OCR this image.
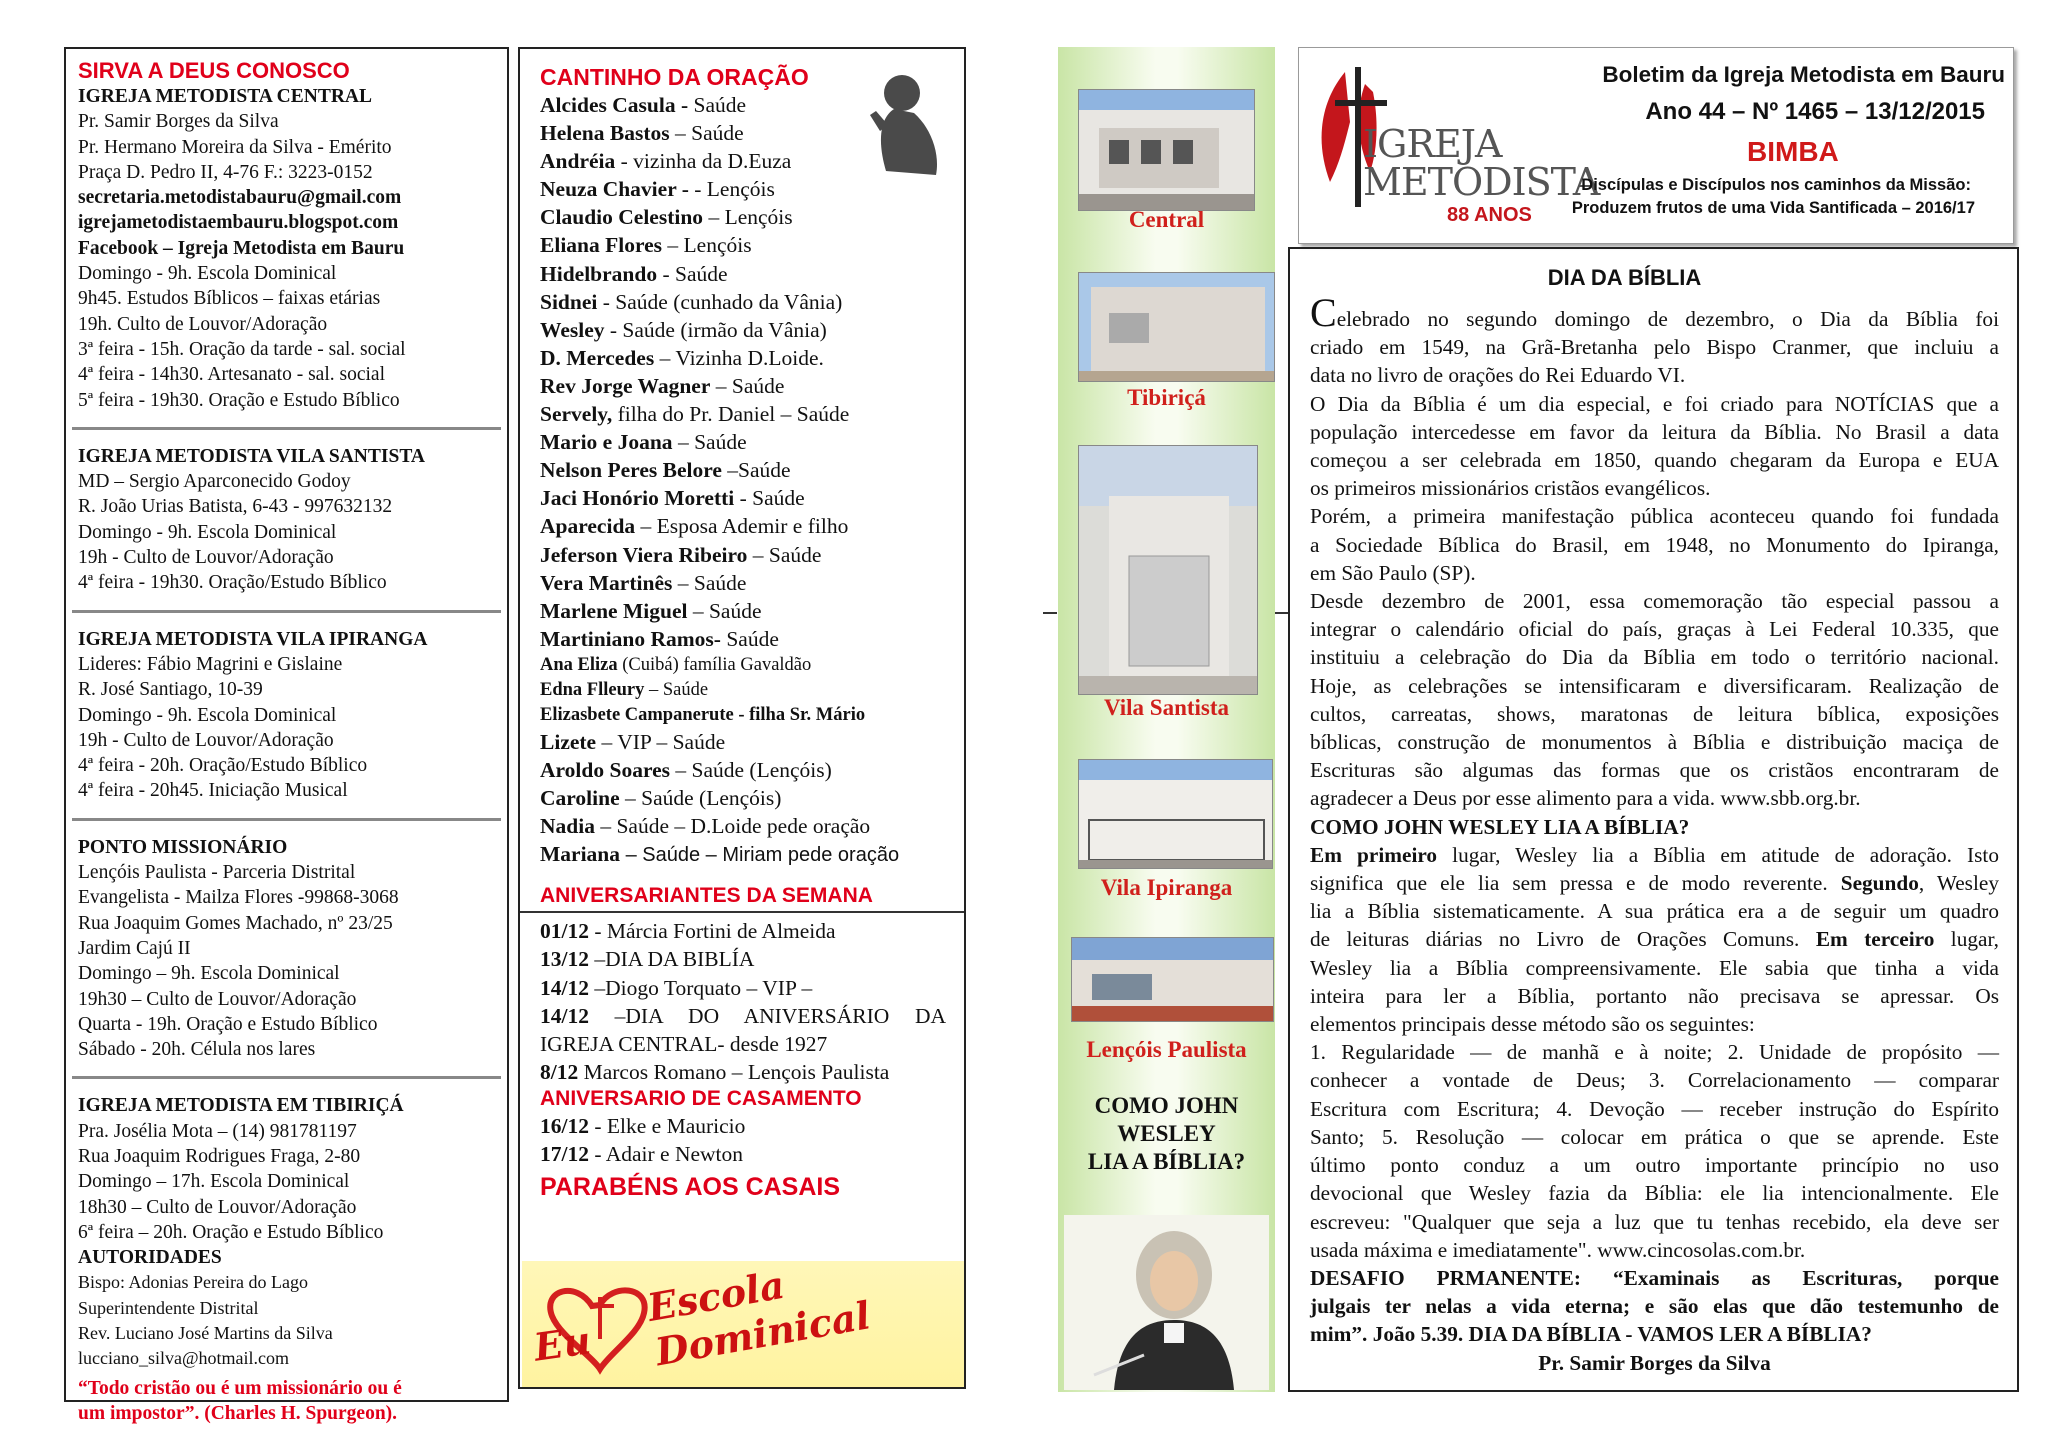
SIRVA A DEUS CONOSCO

IGREJA METODISTA CENTRAL

Pr. Samir Borges da Silva

Pr. Hermano Moreira da Silva - Emérito

Praça D. Pedro II, 4-76 F.: 3223-0152

secretaria.metodistabauru@gmail.com

igrejametodistaembauru.blogspot.com

Facebook – Igreja Metodista em Bauru

Domingo - 9h. Escola Dominical

9h45. Estudos Bíblicos – faixas etárias

19h. Culto de Louvor/Adoração

3ª feira - 15h. Oração da tarde - sal. social

4ª feira - 14h30. Artesanato - sal. social

5ª feira - 19h30. Oração e Estudo Bíblico

IGREJA METODISTA VILA SANTISTA

MD – Sergio Aparconecido Godoy

R. João Urias Batista, 6-43 - 997632132

Domingo - 9h. Escola Dominical

19h - Culto de Louvor/Adoração

4ª feira - 19h30. Oração/Estudo Bíblico

IGREJA METODISTA VILA IPIRANGA

Lideres: Fábio Magrini e Gislaine

R. José Santiago, 10-39

Domingo - 9h. Escola Dominical

19h - Culto de Louvor/Adoração

4ª feira - 20h. Oração/Estudo Bíblico

4ª feira - 20h45. Iniciação Musical

PONTO MISSIONÁRIO

Lençóis Paulista - Parceria Distrital

Evangelista - Mailza Flores -99868-3068

Rua Joaquim Gomes Machado, nº 23/25

Jardim Cajú II

Domingo – 9h. Escola Dominical

19h30 – Culto de Louvor/Adoração

Quarta - 19h. Oração e Estudo Bíblico

Sábado - 20h. Célula nos lares

IGREJA METODISTA EM TIBIRIÇÁ

Pra. Josélia Mota – (14) 981781197

Rua Joaquim Rodrigues Fraga, 2-80

Domingo – 17h. Escola Dominical

18h30 – Culto de Louvor/Adoração

6ª feira – 20h. Oração e Estudo Bíblico

AUTORIDADES

Bispo: Adonias Pereira do Lago

Superintendente Distrital

Rev. Luciano José Martins da Silva

lucciano_silva@hotmail.com

“Todo cristão ou é um missionário ou é

um impostor”. (Charles H. Spurgeon).

CANTINHO DA ORAÇÃO

Alcides Casula - Saúde

Helena Bastos – Saúde

Andréia - vizinha da D.Euza

Neuza Chavier - - Lençóis

Claudio Celestino – Lençóis

Eliana Flores – Lençóis

Hidelbrando - Saúde

Sidnei - Saúde (cunhado da Vânia)

Wesley - Saúde (irmão da Vânia)

D. Mercedes – Vizinha D.Loide.

Rev Jorge Wagner – Saúde

Servely, filha do Pr. Daniel – Saúde

Mario e Joana – Saúde

Nelson Peres Belore –Saúde

Jaci Honório Moretti - Saúde

Aparecida – Esposa Ademir e filho

Jeferson Viera Ribeiro – Saúde

Vera Martinês – Saúde

Marlene Miguel – Saúde

Martiniano Ramos- Saúde

Ana Eliza (Cuibá) família Gavaldão

Edna Flleury – Saúde

Elizasbete Campanerute - filha Sr. Mário

Lizete – VIP – Saúde

Aroldo Soares – Saúde (Lençóis)

Caroline – Saúde (Lençóis)

Nadia – Saúde – D.Loide pede oração

Mariana – Saúde – Miriam pede oração

ANIVERSARIANTES DA SEMANA

01/12 - Márcia Fortini de Almeida

13/12 –DIA DA BIBLÍA

14/12 –Diogo Torquato – VIP –

14/12 –DIA DO ANIVERSÁRIO DA

IGREJA CENTRAL- desde 1927

8/12 Marcos Romano – Lençois Paulista

ANIVERSARIO DE CASAMENTO

16/12 - Elke e Mauricio

17/12 - Adair e Newton

PARABÉNS AOS CASAIS

Eu
Escola Dominical
Central
Tibiriçá
Vila Santista
Vila Ipiranga
Lençóis Paulista
COMO JOHN
WESLEY
LIA A BÍBLIA?
IGREJA
METODISTA
88 ANOS
Boletim da Igreja Metodista em Bauru
Ano 44 – Nº 1465 – 13/12/2015
BIMBA
Discípulas e Discípulos nos caminhos da Missão:
Produzem frutos de uma Vida Santificada – 2016/17
DIA DA BÍBLIA

Celebrado no segundo domingo de dezembro, o Dia da Bíblia foi

criado em 1549, na Grã-Bretanha pelo Bispo Cranmer, que incluiu a

data no livro de orações do Rei Eduardo VI.

O Dia da Bíblia é um dia especial, e foi criado para NOTÍCIAS que a

população intercedesse em favor da leitura da Bíblia. No Brasil a data

começou a ser celebrada em 1850, quando chegaram da Europa e EUA

os primeiros missionários cristãos evangélicos.

Porém, a primeira manifestação pública aconteceu quando foi fundada

a Sociedade Bíblica do Brasil, em 1948, no Monumento do Ipiranga,

em São Paulo (SP).

Desde dezembro de 2001, essa comemoração tão especial passou a

integrar o calendário oficial do país, graças à Lei Federal 10.335, que

instituiu a celebração do Dia da Bíblia em todo o território nacional.

Hoje, as celebrações se intensificaram e diversificaram. Realização de

cultos, carreatas, shows, maratonas de leitura bíblica, exposições

bíblicas, construção de monumentos à Bíblia e distribuição maciça de

Escrituras são algumas das formas que os cristãos encontraram de

agradecer a Deus por esse alimento para a vida. www.sbb.org.br.

COMO JOHN WESLEY LIA A BÍBLIA?

Em primeiro lugar, Wesley lia a Bíblia em atitude de adoração. Isto

significa que ele lia sem pressa e de modo reverente. Segundo, Wesley

lia a Bíblia sistematicamente. A sua prática era a de seguir um quadro

de leituras diárias no Livro de Orações Comuns. Em terceiro lugar,

Wesley lia a Bíblia compreensivamente. Ele sabia que tinha a vida

inteira para ler a Bíblia, portanto não precisava se apressar. Os

elementos principais desse método são os seguintes:

1. Regularidade — de manhã e à noite; 2. Unidade de propósito —

conhecer a vontade de Deus; 3. Correlacionamento — comparar

Escritura com Escritura; 4. Devoção — receber instrução do Espírito

Santo; 5. Resolução — colocar em prática o que se aprende. Este

último ponto conduz a um outro importante princípio no uso

devocional que Wesley fazia da Bíblia: ele lia intencionalmente. Ele

escreveu: "Qualquer que seja a luz que tu tenhas recebido, ela deve ser

usada máxima e imediatamente". www.cincosolas.com.br.

DESAFIO PRMANENTE: “Examinais as Escrituras, porque

julgais ter nelas a vida eterna; e são elas que dão testemunho de

mim”. João 5.39. DIA DA BÍBLIA - VAMOS LER A BÍBLIA?

Pr. Samir Borges da Silva
